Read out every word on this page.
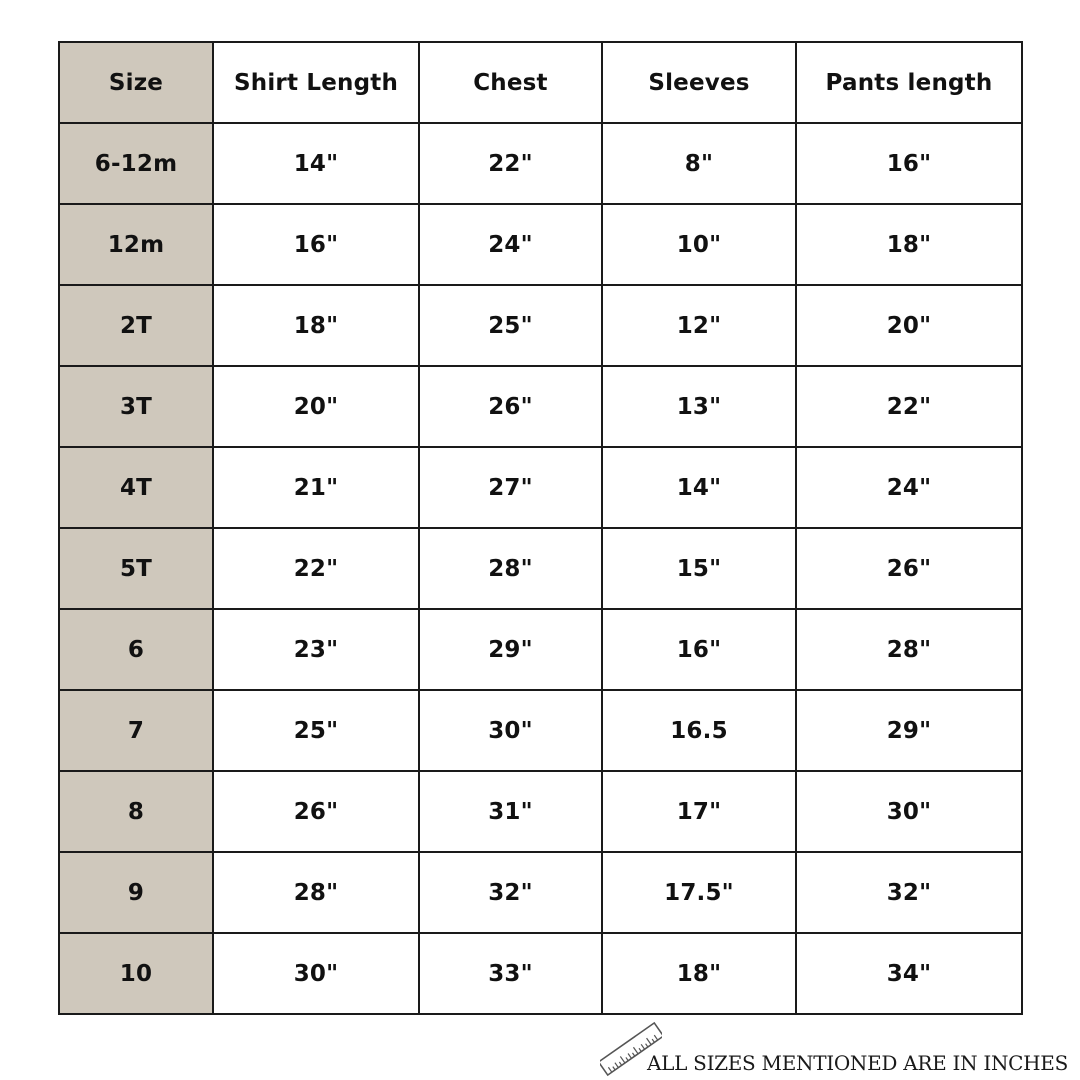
Size	Shirt Length	Chest	Sleeves	Pants length
6-12m	14"	22"	8"	16"
12m	16"	24"	10"	18"
2T	18"	25"	12"	20"
3T	20"	26"	13"	22"
4T	21"	27"	14"	24"
5T	22"	28"	15"	26"
6	23"	29"	16"	28"
7	25"	30"	16.5	29"
8	26"	31"	17"	30"
9	28"	32"	17.5"	32"
10	30"	33"	18"	34"
ALL SIZES MENTIONED ARE IN INCHES
